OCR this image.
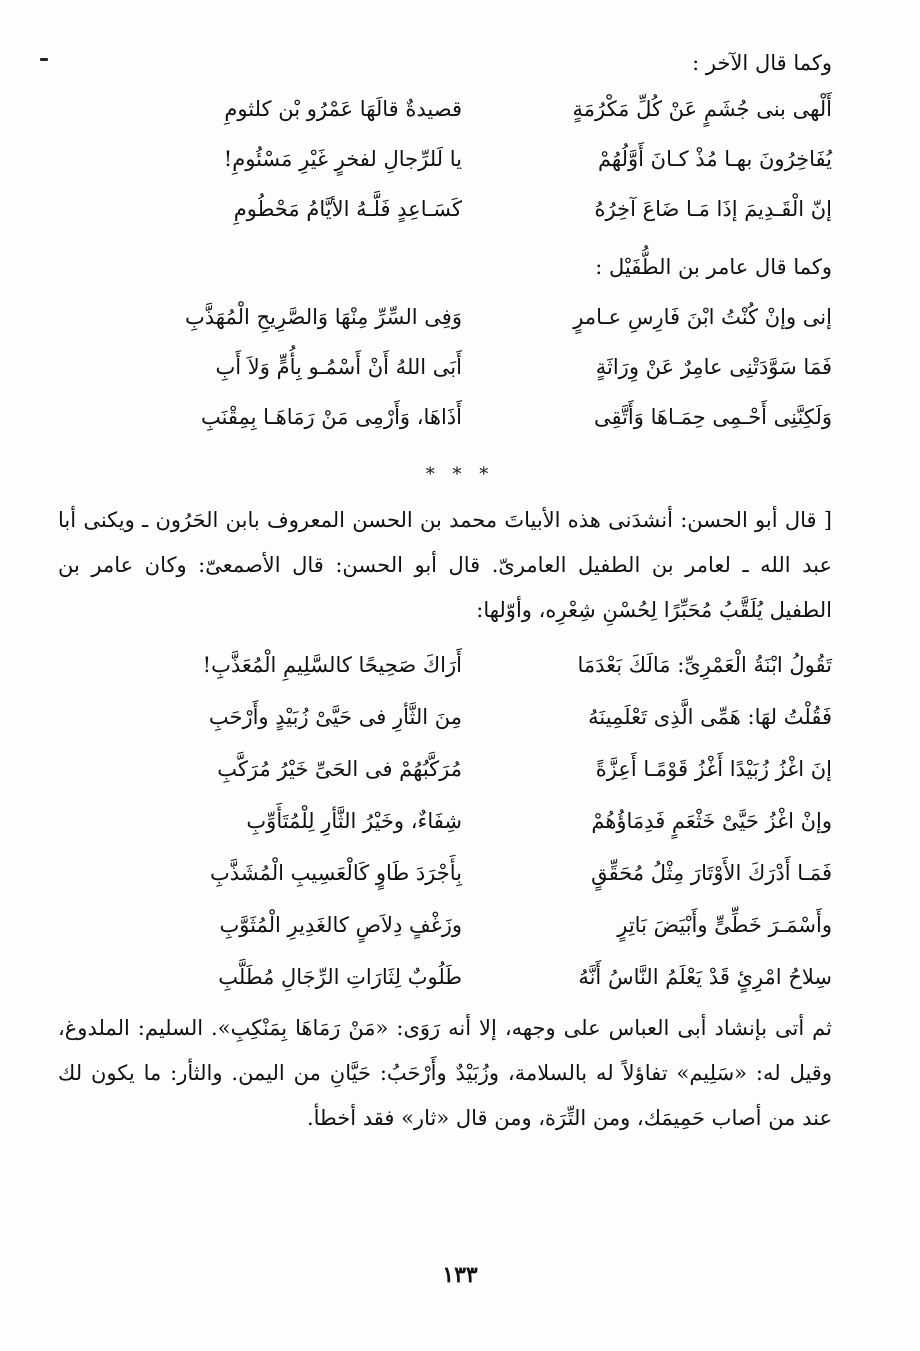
وكما قال الآخر :
أَلْهى بنى جُشَمٍ عَنْ كُلِّ مَكْرُمَةٍ
قصيدةٌ قالَهَا عَمْرُو بْن كلثومِ
يُفَاخِرُونَ بهـا مُذْ كـانَ أَوَّلُهُمْ
يا لَلرِّجالِ لفخرٍ غَيْرِ مَسْئُومِ!
إنّ الْقَـدِيمَ إذَا مَـا ضَاعَ آخِرُهُ
كَسَـاعِدٍ فَلَّـهُ الأيَّامُ مَحْطُومِ
وكما قال عامر بن الطُّفَيْل :
إنى وإنْ كُنْتُ ابْنَ فَارِسِ عـامرٍ
وَفِى السِّرِّ مِنْهَا وَالصَّرِيحِ الْمُهَذَّبِ
فَمَا سَوَّدَتْنِى عامِرٌ عَنْ وِرَاثَةٍ
أَبَى اللهُ أَنْ أَسْمُـو بِأُمٍّ وَلاَ أَبِ
وَلَكِنَّنِى أَحْـمِى حِمَـاهَا وَأَتَّقِى
أَذَاهَا، وَأَرْمِى مَنْ رَمَاهَـا بِمِقْنَبِ
* * *
[ قال أبو الحسن: أنشدَنى هذه الأبياتَ محمد بن الحسن المعروف بابن الحَرُون ـ ويكنى أبا عبد الله ـ لعامر بن الطفيل العامرىّ. قال أبو الحسن: قال الأصمعىّ: وكان عامر بن الطفيل يُلَقَّبُ مُحَبِّرًا لِحُسْنِ شِعْرِه، وأوّلها:
تَقُولُ ابْنَةُ الْعَمْرِىِّ: مَالَكَ بَعْدَمَا
أَرَاكَ صَحِيحًا كالسَّلِيمِ الْمُعَذَّبِ!
فَقُلْتُ لهَا: هَمِّى الَّذِى تَعْلَمِينَهُ
مِنَ الثَّأرِ فى حَيَّىْ زُبَيْدٍ وأَرْحَبِ
إنَ اغْزُ زُبَيْدًا أَغْزُ قَوْمًـا أَعِزَّةً
مُرَكَّبُهُمْ فى الحَىِّ خَيْرُ مُرَكَّبِ
وإنْ اغْزُ حَيَّىْ خَثْعَمٍ فَدِمَاؤُهُمْ
شِفَاءٌ، وخَيْرُ الثَّأرِ لِلْمُتَأَوِّبِ
فَمَـا أَدْرَكَ الأَوْتَارَ مِثْلُ مُحَقِّقٍ
بِأَجْرَدَ طَاوٍ كَالْعَسِيبِ الْمُشَذَّبِ
وأَسْمَـرَ خَطِّىٍّ وأَبْيَضَ بَاتِرٍ
وزَغْفٍ دِلاَصٍ كالغَدِيرِ الْمُثَوَّبِ
سِلاحُ امْرِئٍ قَدْ يَعْلَمُ النَّاسُ أَنَّهُ
طَلُوبٌ لِثَارَاتِ الرِّجَالِ مُطَلَّبِ
ثم أتى بإنشاد أبى العباس على وجهه، إلا أنه رَوَى: «مَنْ رَمَاهَا بِمَنْكِبِ». السليم: الملدوغ، وقيل له: «سَلِيم» تفاؤلاً له بالسلامة، وزُبَيْدٌ وأَرْحَبُ: حَيَّانِ من اليمن. والثأر: ما يكون لك عند من أصاب حَمِيمَك، ومن التِّرَة، ومن قال «ثار» فقد أخطأ.
١٣٣
